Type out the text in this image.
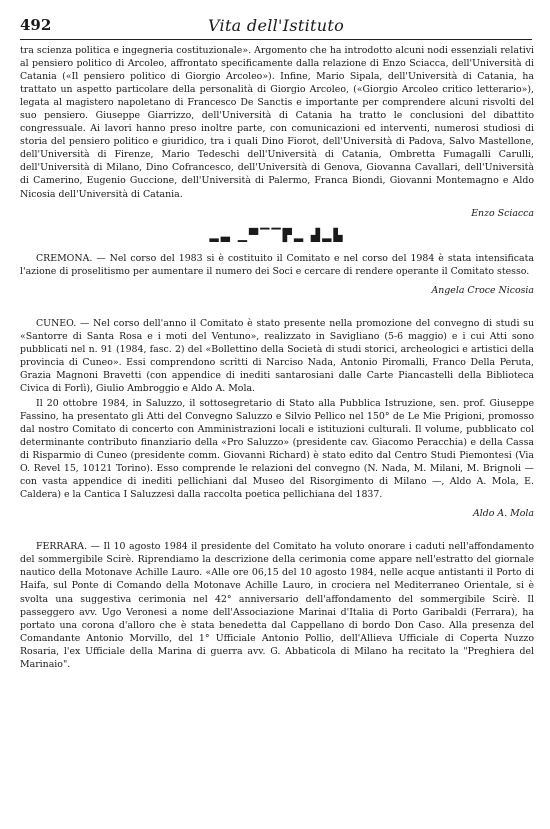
492	Vita dell'Istituto

tra scienza politica e ingegneria costituzionale». Argomento che ha introdotto alcuni nodi essenziali relativi al pensiero politico di Arcoleo, affrontato specificamente dalla relazione di Enzo Sciacca, dell'Università di Catania («Il pensiero politico di Giorgio Arcoleo»). Infine, Mario Sipala, dell'Università di Catania, ha trattato un aspetto particolare della personalità di Giorgio Arcoleo, («Giorgio Arcoleo critico letterario»), legata al magistero napoletano di Francesco De Sanctis e importante per comprendere alcuni risvolti del suo pensiero. Giuseppe Giarrizzo, dell'Università di Catania ha tratto le conclusioni del dibattito congressuale. Ai lavori hanno preso inoltre parte, con comunicazioni ed interventi, numerosi studiosi di storia del pensiero politico e giuridico, tra i quali Dino Fiorot, dell'Università di Padova, Salvo Mastellone, dell'Università di Firenze, Mario Tedeschi dell'Università di Catania, Ombretta Fumagalli Carulli, dell'Università di Milano, Dino Cofrancesco, dell'Università di Genova, Giovanna Cavallari, dell'Università di Camerino, Eugenio Guccione, dell'Università di Palermo, Franca Biondi, Giovanni Montemagno e Aldo Nicosia dell'Università di Catania.

Enzo Sciacca

▂▃ ▁▀▔▔▛▂ ▟▂▙

CREMONA. — Nel corso del 1983 si è costituito il Comitato e nel corso del 1984 è stata intensificata l'azione di proselitismo per aumentare il numero dei Soci e cercare di rendere operante il Comitato stesso.

Angela Croce Nicosia

CUNEO. — Nel corso dell'anno il Comitato è stato presente nella promozione del convegno di studi su «Santorre di Santa Rosa e i moti del Ventuno», realizzato in Savigliano (5-6 maggio) e i cui Atti sono pubblicati nel n. 91 (1984, fasc. 2) del «Bollettino della Società di studi storici, archeologici e artistici della provincia di Cuneo». Essi comprendono scritti di Narciso Nada, Antonio Piromalli, Franco Della Peruta, Grazia Magnoni Bravetti (con appendice di inediti santarosiani dalle Carte Piancastelli della Biblioteca Civica di Forlì), Giulio Ambroggio e Aldo A. Mola.

Il 20 ottobre 1984, in Saluzzo, il sottosegretario di Stato alla Pubblica Istruzione, sen. prof. Giuseppe Fassino, ha presentato gli Atti del Convegno Saluzzo e Silvio Pellico nel 150° de Le Mie Prigioni, promosso dal nostro Comitato di concerto con Amministrazioni locali e istituzioni culturali. Il volume, pubblicato col determinante contributo finanziario della «Pro Saluzzo» (presidente cav. Giacomo Peracchia) e della Cassa di Risparmio di Cuneo (presidente comm. Giovanni Richard) è stato edito dal Centro Studi Piemontesi (Via O. Revel 15, 10121 Torino). Esso comprende le relazioni del convegno (N. Nada, M. Milani, M. Brignoli — con vasta appendice di inediti pellichiani dal Museo del Risorgimento di Milano —, Aldo A. Mola, E. Caldera) e la Cantica I Saluzzesi dalla raccolta poetica pellichiana del 1837.

Aldo A. Mola

FERRARA. — Il 10 agosto 1984 il presidente del Comitato ha voluto onorare i caduti nell'affondamento del sommergibile Scirè. Riprendiamo la descrizione della cerimonia come appare nell'estratto del giornale nautico della Motonave Achille Lauro. «Alle ore 06,15 del 10 agosto 1984, nelle acque antistanti il Porto di Haifa, sul Ponte di Comando della Motonave Achille Lauro, in crociera nel Mediterraneo Orientale, si è svolta una suggestiva cerimonia nel 42° anniversario dell'affondamento del sommergibile Scirè. Il passeggero avv. Ugo Veronesi a nome dell'Associazione Marinai d'Italia di Porto Garibaldi (Ferrara), ha portato una corona d'alloro che è stata benedetta dal Cappellano di bordo Don Caso. Alla presenza del Comandante Antonio Morvillo, del 1° Ufficiale Antonio Pollio, dell'Allieva Ufficiale di Coperta Nuzzo Rosaria, l'ex Ufficiale della Marina di guerra avv. G. Abbaticola di Milano ha recitato la "Preghiera del Marinaio".
